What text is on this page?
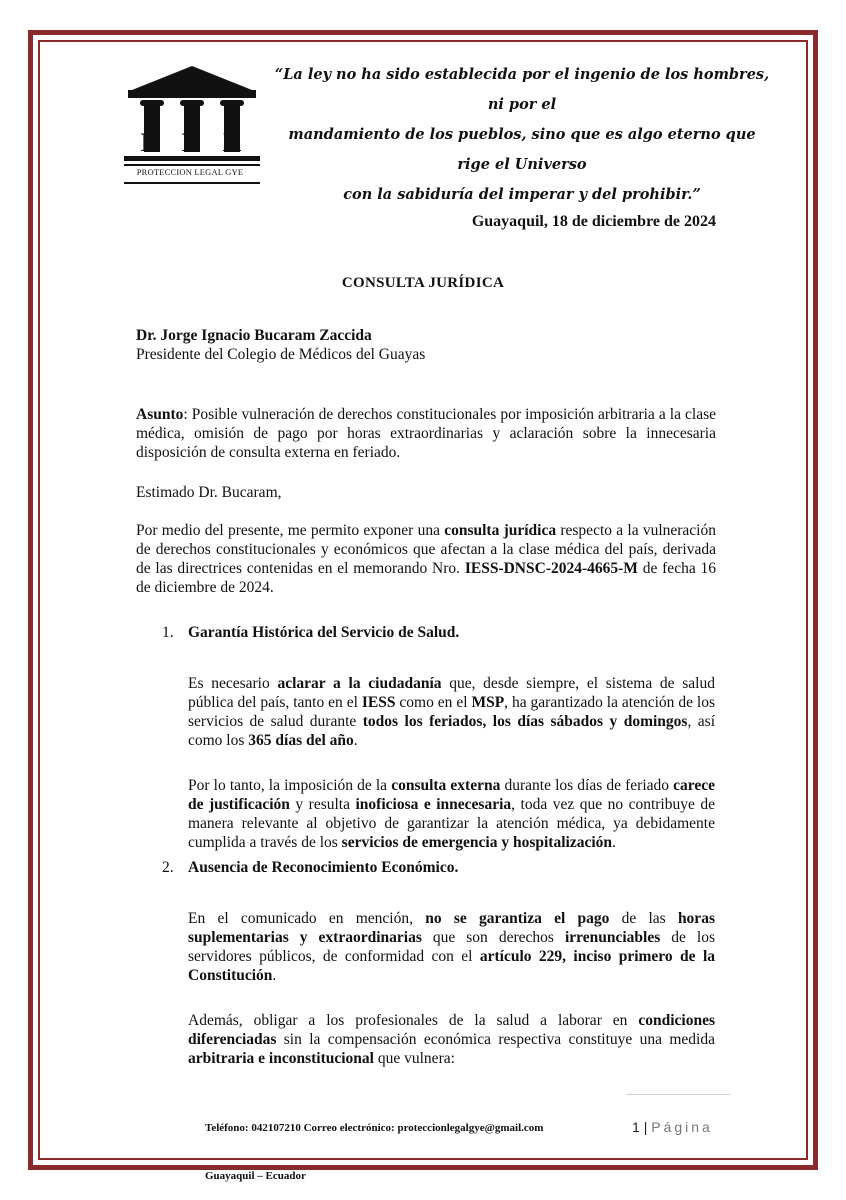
L E X
PROTECCION LEGAL GYE
“La ley no ha sido establecida por el ingenio de los hombres, ni por el
mandamiento de los pueblos, sino que es algo eterno que rige el Universo
con la sabiduría del imperar y del prohibir.”
Guayaquil, 18 de diciembre de 2024
CONSULTA JURÍDICA
Dr. Jorge Ignacio Bucaram Zaccida
Presidente del Colegio de Médicos del Guayas

Asunto: Posible vulneración de derechos constitucionales por imposición arbitraria a la clase médica, omisión de pago por horas extraordinarias y aclaración sobre la innecesaria disposición de consulta externa en feriado.

Estimado Dr. Bucaram,

Por medio del presente, me permito exponer una consulta jurídica respecto a la vulneración de derechos constitucionales y económicos que afectan a la clase médica del país, derivada de las directrices contenidas en el memorando Nro. IESS-DNSC-2024-4665-M de fecha 16 de diciembre de 2024.

1. Garantía Histórica del Servicio de Salud.

Es necesario aclarar a la ciudadanía que, desde siempre, el sistema de salud pública del país, tanto en el IESS como en el MSP, ha garantizado la atención de los servicios de salud durante todos los feriados, los días sábados y domingos, así como los 365 días del año.

Por lo tanto, la imposición de la consulta externa durante los días de feriado carece de justificación y resulta inoficiosa e innecesaria, toda vez que no contribuye de manera relevante al objetivo de garantizar la atención médica, ya debidamente cumplida a través de los servicios de emergencia y hospitalización.

2. Ausencia de Reconocimiento Económico.

En el comunicado en mención, no se garantiza el pago de las horas suplementarias y extraordinarias que son derechos irrenunciables de los servidores públicos, de conformidad con el artículo 229, inciso primero de la Constitución.

Además, obligar a los profesionales de la salud a laborar en condiciones diferenciadas sin la compensación económica respectiva constituye una medida arbitraria e inconstitucional que vulnera:

Teléfono: 042107210 Correo electrónico: proteccionlegalgye@gmail.com	1 | Página
Guayaquil – Ecuador
